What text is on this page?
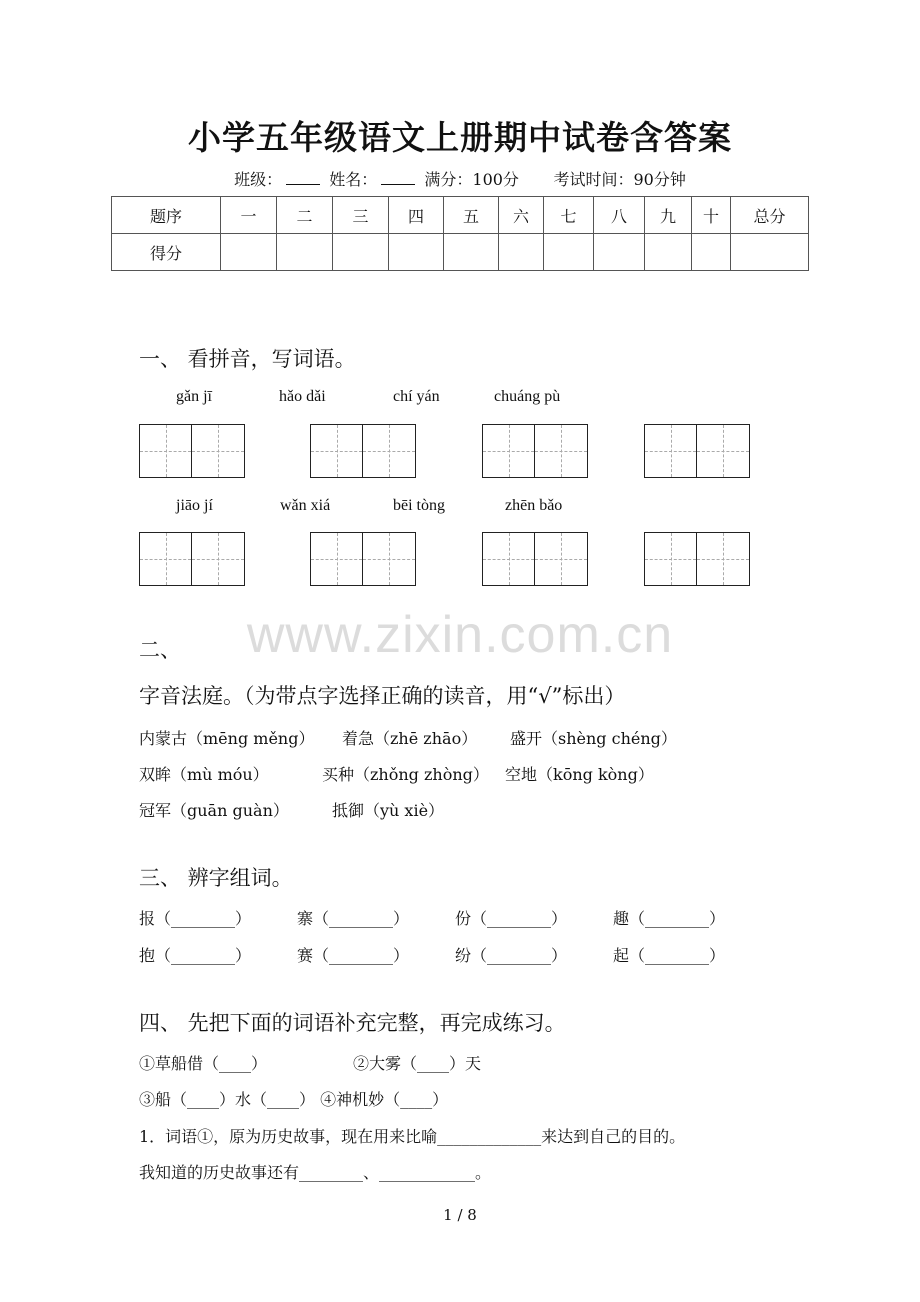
小学五年级语文上册期中试卷含答案
班级：	姓名：	满分：100分 考试时间：90分钟
题序	一	二	三	四	五	六	七	八	九	十	总分
得分											
一、 看拼音，写词语。
gǎn jī	hǎo dǎi	chí yán	chuáng pù
jiāo jí	wǎn xiá	bēi tòng	zhēn bǎo
www.zixin.com.cn
二、
字音法庭。（为带点字选择正确的读音，用“√”标出）
内蒙古（mēng měng） 着急（zhē zhāo） 盛开（shèng chéng）
双眸（mù móu）	买种（zhǒng zhòng） 空地（kōng kòng）
冠军（guān guàn）	抵御（yù xiè）
三、 辨字组词。
报（________）	寨（________）	份（________）	趣（________）
抱（________）	赛（________）	纷（________）	起（________）
四、 先把下面的词语补充完整，再完成练习。
①草船借（____）	②大雾（____）天
③船（____）水（____） ④神机妙（____）
1．词语①，原为历史故事，现在用来比喻_____________来达到自己的目的。
我知道的历史故事还有________、____________。
1 / 8
